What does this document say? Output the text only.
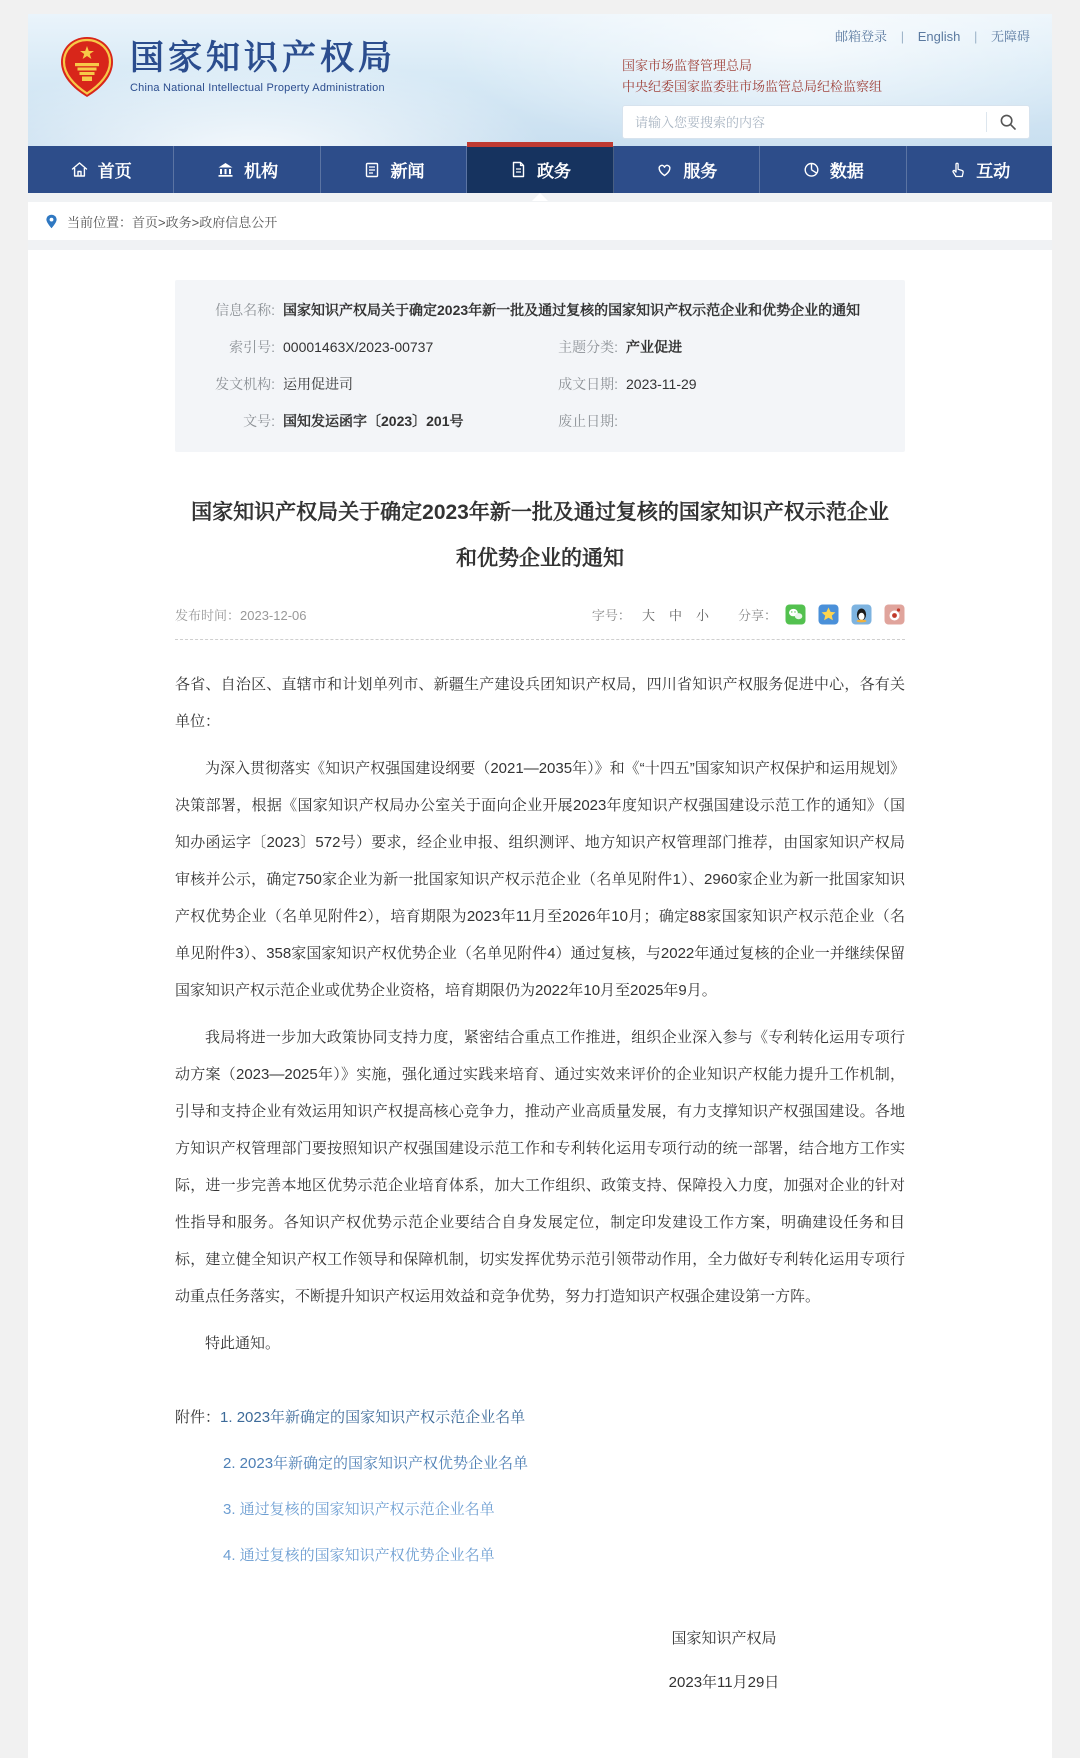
国家知识产权局
China National Intellectual Property Administration
邮箱登录 | English | 无障碍
国家市场监督管理总局
中央纪委国家监委驻市场监管总局纪检监察组
请输入您要搜索的内容
首页	机构	新闻	政务	服务	数据	互动
当前位置： 首页>政务>政府信息公开
信息名称: 国家知识产权局关于确定2023年新一批及通过复核的国家知识产权示范企业和优势企业的通知
索引号: 00001463X/2023-00737	主题分类: 产业促进
发文机构: 运用促进司	成文日期: 2023-11-29
文号: 国知发运函字〔2023〕201号	废止日期:
国家知识产权局关于确定2023年新一批及通过复核的国家知识产权示范企业
和优势企业的通知
发布时间：2023-12-06	字号： 大 中 小 分享：

各省、自治区、直辖市和计划单列市、新疆生产建设兵团知识产权局，四川省知识产权服务促进中心，各有关单位：

为深入贯彻落实《知识产权强国建设纲要（2021—2035年）》和《“十四五”国家知识产权保护和运用规划》决策部署，根据《国家知识产权局办公室关于面向企业开展2023年度知识产权强国建设示范工作的通知》（国知办函运字〔2023〕572号）要求，经企业申报、组织测评、地方知识产权管理部门推荐，由国家知识产权局审核并公示，确定750家企业为新一批国家知识产权示范企业（名单见附件1）、2960家企业为新一批国家知识产权优势企业（名单见附件2），培育期限为2023年11月至2026年10月；确定88家国家知识产权示范企业（名单见附件3）、358家国家知识产权优势企业（名单见附件4）通过复核，与2022年通过复核的企业一并继续保留国家知识产权示范企业或优势企业资格，培育期限仍为2022年10月至2025年9月。

我局将进一步加大政策协同支持力度，紧密结合重点工作推进，组织企业深入参与《专利转化运用专项行动方案（2023—2025年）》实施，强化通过实践来培育、通过实效来评价的企业知识产权能力提升工作机制，引导和支持企业有效运用知识产权提高核心竞争力，推动产业高质量发展，有力支撑知识产权强国建设。各地方知识产权管理部门要按照知识产权强国建设示范工作和专利转化运用专项行动的统一部署，结合地方工作实际，进一步完善本地区优势示范企业培育体系，加大工作组织、政策支持、保障投入力度，加强对企业的针对性指导和服务。各知识产权优势示范企业要结合自身发展定位，制定印发建设工作方案，明确建设任务和目标，建立健全知识产权工作领导和保障机制，切实发挥优势示范引领带动作用，全力做好专利转化运用专项行动重点任务落实，不断提升知识产权运用效益和竞争优势，努力打造知识产权强企建设第一方阵。

特此通知。

附件： 1. 2023年新确定的国家知识产权示范企业名单
2. 2023年新确定的国家知识产权优势企业名单
3. 通过复核的国家知识产权示范企业名单
4. 通过复核的国家知识产权优势企业名单
国家知识产权局
2023年11月29日
